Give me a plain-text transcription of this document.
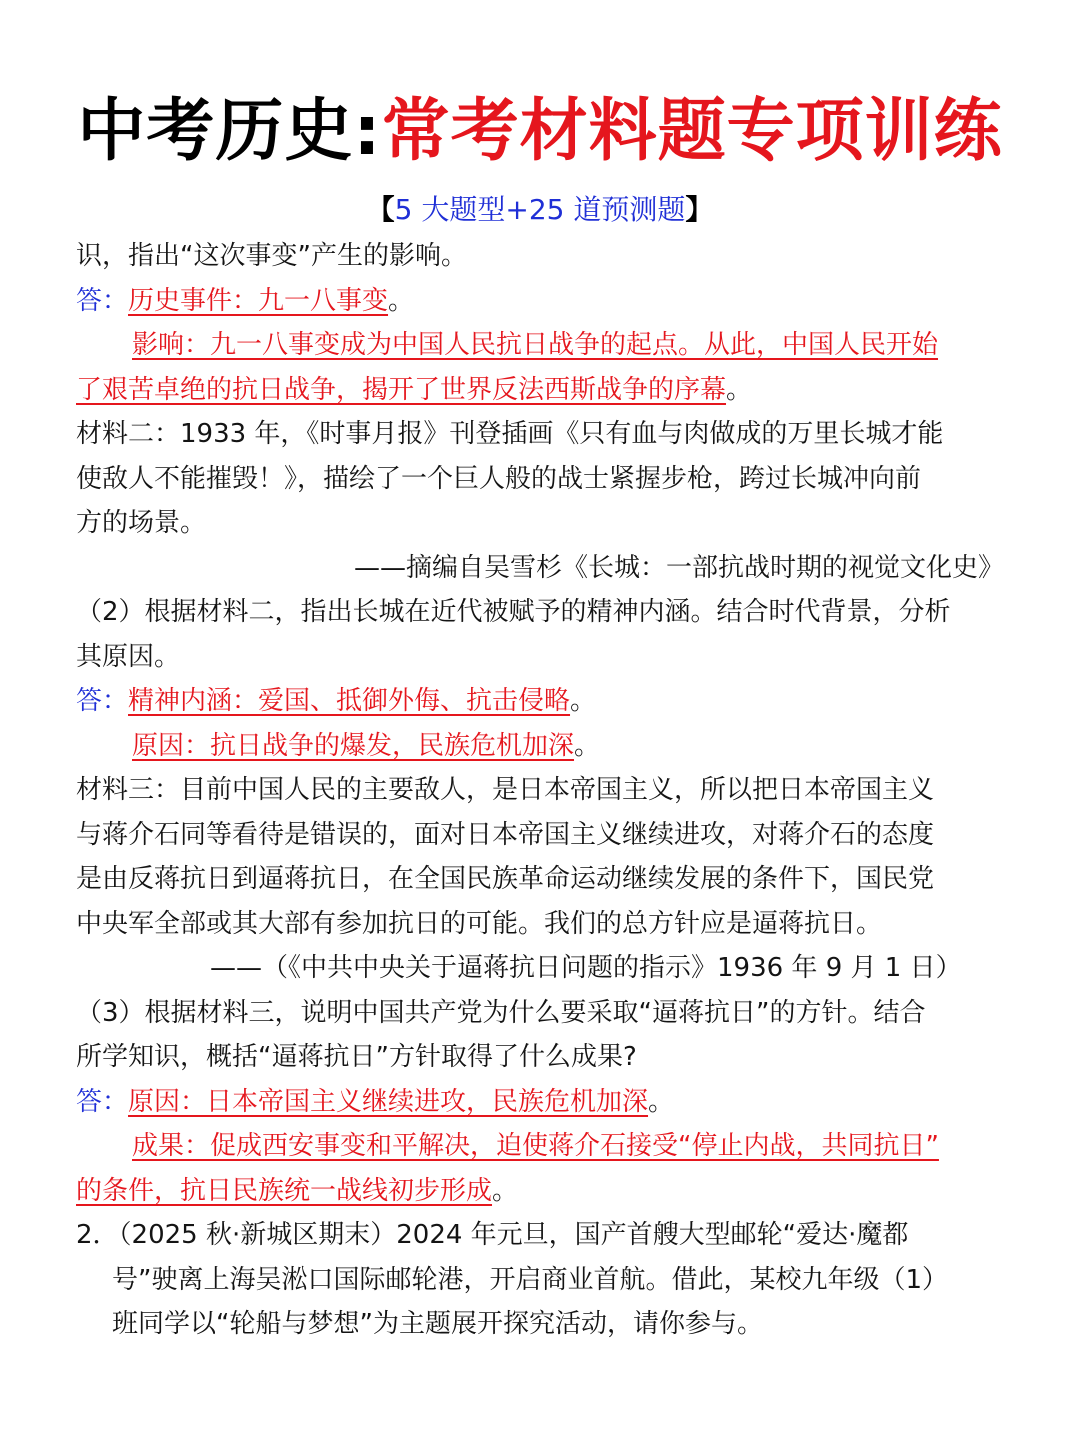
中考历史:常考材料题专项训练
【5 大题型+25 道预测题】
识，指出“这次事变”产生的影响。
答：历史事件：九一八事变。
影响：九一八事变成为中国人民抗日战争的起点。从此，中国人民开始
了艰苦卓绝的抗日战争，揭开了世界反法西斯战争的序幕。
材料二：1933 年，《时事月报》刊登插画《只有血与肉做成的万里长城才能
使敌人不能摧毁！》，描绘了一个巨人般的战士紧握步枪，跨过长城冲向前
方的场景。
——摘编自吴雪杉《长城：一部抗战时期的视觉文化史》
（2）根据材料二，指出长城在近代被赋予的精神内涵。结合时代背景，分析
其原因。
答：精神内涵：爱国、抵御外侮、抗击侵略。
原因：抗日战争的爆发，民族危机加深。
材料三：目前中国人民的主要敌人，是日本帝国主义，所以把日本帝国主义
与蒋介石同等看待是错误的，面对日本帝国主义继续进攻，对蒋介石的态度
是由反蒋抗日到逼蒋抗日，在全国民族革命运动继续发展的条件下，国民党
中央军全部或其大部有参加抗日的可能。我们的总方针应是逼蒋抗日。
——（《中共中央关于逼蒋抗日问题的指示》1936 年 9 月 1 日）
（3）根据材料三，说明中国共产党为什么要采取“逼蒋抗日”的方针。结合
所学知识，概括“逼蒋抗日”方针取得了什么成果?
答：原因：日本帝国主义继续进攻，民族危机加深。
成果：促成西安事变和平解决，迫使蒋介石接受“停止内战，共同抗日”
的条件，抗日民族统一战线初步形成。
2．（2025 秋·新城区期末）2024 年元旦，国产首艘大型邮轮“爱达·魔都
号”驶离上海吴淞口国际邮轮港，开启商业首航。借此，某校九年级（1）
班同学以“轮船与梦想”为主题展开探究活动，请你参与。
